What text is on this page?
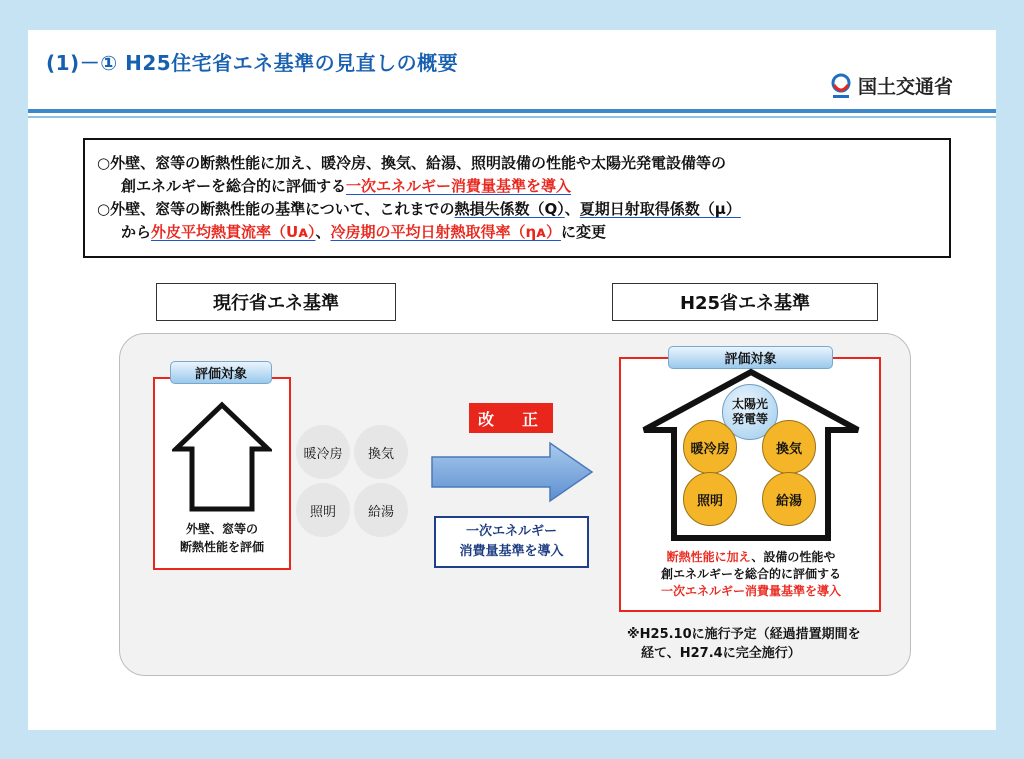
(1)－① H25住宅省エネ基準の見直しの概要
国土交通省
○外壁、窓等の断熱性能に加え、暖冷房、換気、給湯、照明設備の性能や太陽光発電設備等の
創エネルギーを総合的に評価する一次エネルギー消費量基準を導入
○外壁、窓等の断熱性能の基準について、これまでの熱損失係数（Q）、夏期日射取得係数（μ）
から外皮平均熱貫流率（Uᴀ）、冷房期の平均日射熱取得率（ηᴀ）に変更
現行省エネ基準	H25省エネ基準
評価対象
外壁、窓等の
断熱性能を評価
暖冷房	換気
照明	給湯
改　正
一次エネルギー
消費量基準を導入
評価対象
太陽光
発電等
暖冷房	換気
照明	給湯
断熱性能に加え、設備の性能や
創エネルギーを総合的に評価する
一次エネルギー消費量基準を導入
※H25.10に施行予定（経過措置期間を
経て、H27.4に完全施行）
